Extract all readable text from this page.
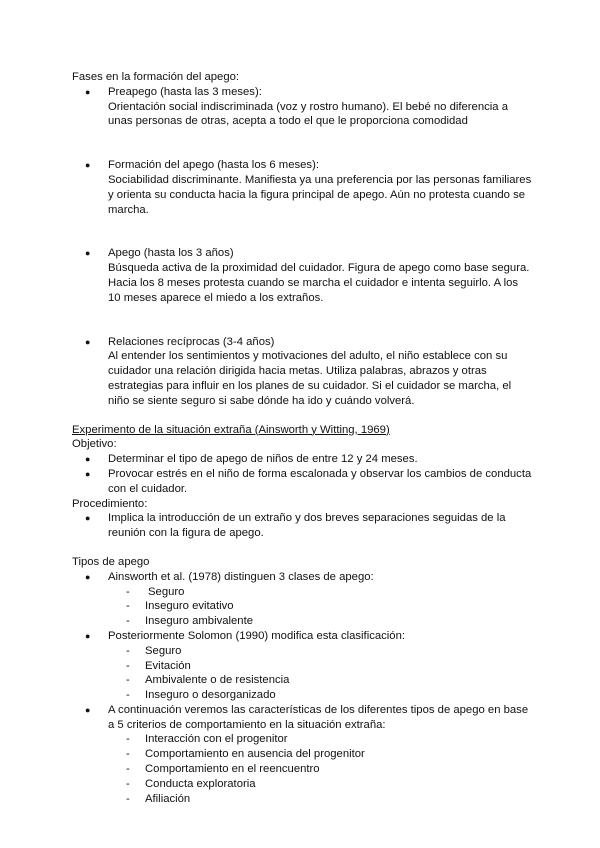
Fases en la formación del apego:

● Preapego (hasta las 3 meses):
Orientación social indiscriminada (voz y rostro humano). El bebé no diferencia a unas personas de otras, acepta a todo el que le proporciona comodidad
● Formación del apego (hasta los 6 meses):
Sociabilidad discriminante. Manifiesta ya una preferencia por las personas familiares y orienta su conducta hacia la figura principal de apego. Aún no protesta cuando se marcha.
● Apego (hasta los 3 años)
Búsqueda activa de la proximidad del cuidador. Figura de apego como base segura. Hacia los 8 meses protesta cuando se marcha el cuidador e intenta seguirlo. A los 10 meses aparece el miedo a los extraños.
● Relaciones recíprocas (3-4 años)
Al entender los sentimientos y motivaciones del adulto, el niño establece con su cuidador una relación dirigida hacia metas. Utiliza palabras, abrazos y otras estrategias para influir en los planes de su cuidador. Si el cuidador se marcha, el niño se siente seguro si sabe dónde ha ido y cuándo volverá.

Experimento de la situación extraña (Ainsworth y Witting, 1969)

Objetivo:

● Determinar el tipo de apego de niños de entre 12 y 24 meses.
● Provocar estrés en el niño de forma escalonada y observar los cambios de conducta con el cuidador.

Procedimiento:

● Implica la introducción de un extraño y dos breves separaciones seguidas de la reunión con la figura de apego.

Tipos de apego

● Ainsworth et al. (1978) distinguen 3 clases de apego:
- Seguro
- Inseguro evitativo
- Inseguro ambivalente
● Posteriormente Solomon (1990) modifica esta clasificación:
- Seguro
- Evitación
- Ambivalente o de resistencia
- Inseguro o desorganizado
● A continuación veremos las características de los diferentes tipos de apego en base a 5 criterios de comportamiento en la situación extraña:
- Interacción con el progenitor
- Comportamiento en ausencia del progenitor
- Comportamiento en el reencuentro
- Conducta exploratoria
- Afiliación
